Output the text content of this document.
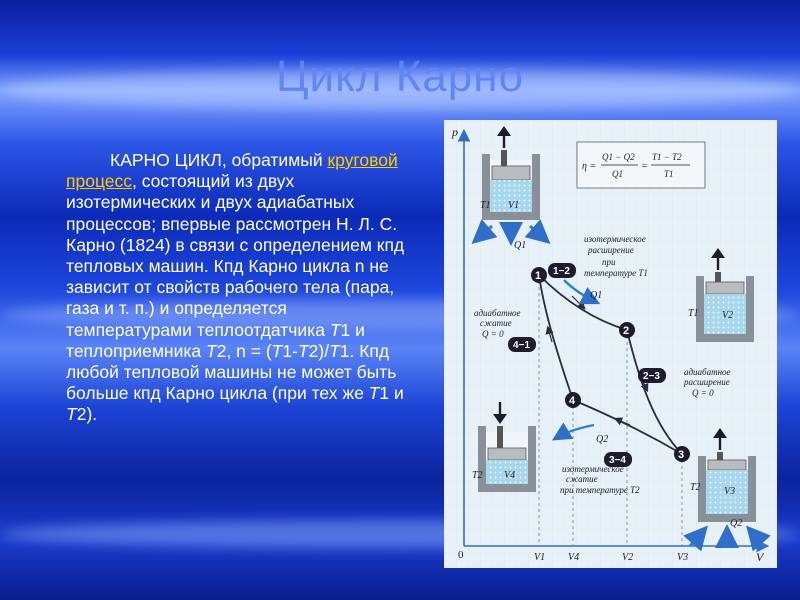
Цикл Карно
КАРНО ЦИКЛ, обратимый круговой процесс, состоящий из двух изотермических и двух адиабатных процессов; впервые рассмотрен Н. Л. С. Карно (1824) в связи с определением кпд тепловых машин. Кпд Карно цикла n не зависит от свойств рабочего тела (пара, газа и т. п.) и определяется температурами теплоотдатчика T1 и теплоприемника T2, n = (T1-T2)/T1. Кпд любой тепловой машины не может быть больше кпд Карно цикла (при тех же T1 и T2).
p
V
0	V1 V4	V2	V3
Q1
Q2
1
2
3
4
1−2
2−3
3−4
4−1
изотермическое
расширение
при
температуре T1
адиабатное
расширение
Q = 0
адиабатное
сжатие
Q = 0
изотермическое
сжатие
при температуре T2
η =
Q1 − Q2
Q1
=
T1 − T2
T1
T1 V1
Q1
T1 V2
T2 V4
T2 V3
Q2
